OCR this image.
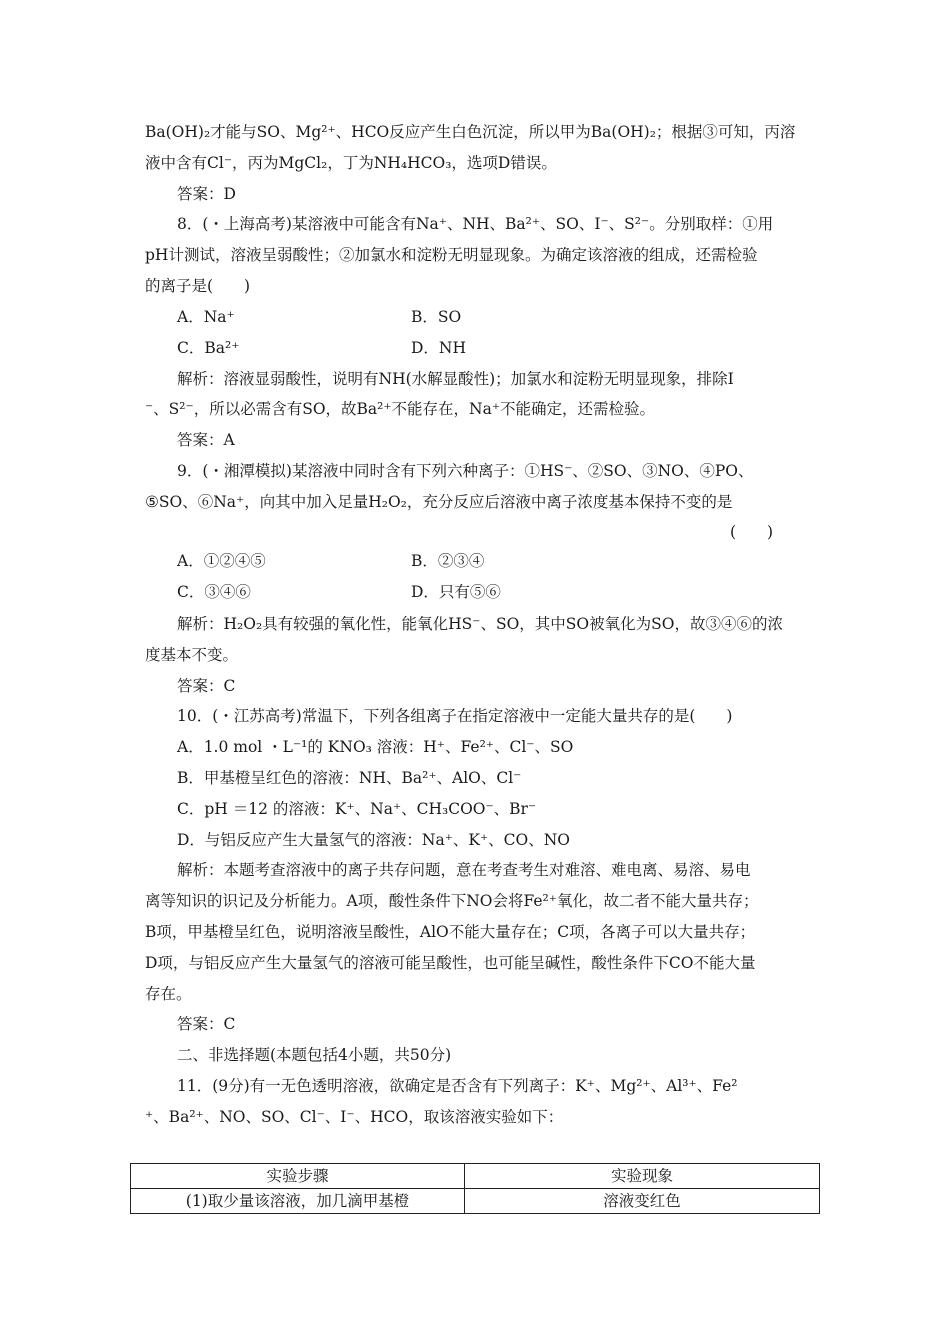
Ba(OH)₂才能与SO、Mg²⁺、HCO反应产生白色沉淀，所以甲为Ba(OH)₂；根据③可知，丙溶
液中含有Cl⁻，丙为MgCl₂，丁为NH₄HCO₃，选项D错误。
答案：D
8．(・上海高考)某溶液中可能含有Na⁺、NH、Ba²⁺、SO、I⁻、S²⁻。分别取样：①用
pH计测试，溶液呈弱酸性；②加氯水和淀粉无明显现象。为确定该溶液的组成，还需检验
的离子是(　　)
A．Na⁺	B．SO
C．Ba²⁺	D．NH
解析：溶液显弱酸性，说明有NH(水解显酸性)；加氯水和淀粉无明显现象，排除I
⁻、S²⁻，所以必需含有SO，故Ba²⁺不能存在，Na⁺不能确定，还需检验。
答案：A
9．(・湘潭模拟)某溶液中同时含有下列六种离子：①HS⁻、②SO、③NO、④PO、
⑤SO、⑥Na⁺，向其中加入足量H₂O₂，充分反应后溶液中离子浓度基本保持不变的是
(　　)
A．①②④⑤	B．②③④
C．③④⑥	D．只有⑤⑥
解析：H₂O₂具有较强的氧化性，能氧化HS⁻、SO，其中SO被氧化为SO，故③④⑥的浓
度基本不变。
答案：C
10．(・江苏高考)常温下，下列各组离子在指定溶液中一定能大量共存的是(　　)
A．1.0 mol ・L⁻¹的 KNO₃ 溶液：H⁺、Fe²⁺、Cl⁻、SO
B．甲基橙呈红色的溶液：NH、Ba²⁺、AlO、Cl⁻
C．pH ＝12 的溶液：K⁺、Na⁺、CH₃COO⁻、Br⁻
D．与铝反应产生大量氢气的溶液：Na⁺、K⁺、CO、NO
解析：本题考查溶液中的离子共存问题，意在考查考生对难溶、难电离、易溶、易电
离等知识的识记及分析能力。A项，酸性条件下NO会将Fe²⁺氧化，故二者不能大量共存；
B项，甲基橙呈红色，说明溶液呈酸性，AlO不能大量存在；C项，各离子可以大量共存；
D项，与铝反应产生大量氢气的溶液可能呈酸性，也可能呈碱性，酸性条件下CO不能大量
存在。
答案：C
二、非选择题(本题包括4小题，共50分)
11．(9分)有一无色透明溶液，欲确定是否含有下列离子：K⁺、Mg²⁺、Al³⁺、Fe²
⁺、Ba²⁺、NO、SO、Cl⁻、I⁻、HCO，取该溶液实验如下：
实验步骤	实验现象
(1)取少量该溶液，加几滴甲基橙	溶液变红色
